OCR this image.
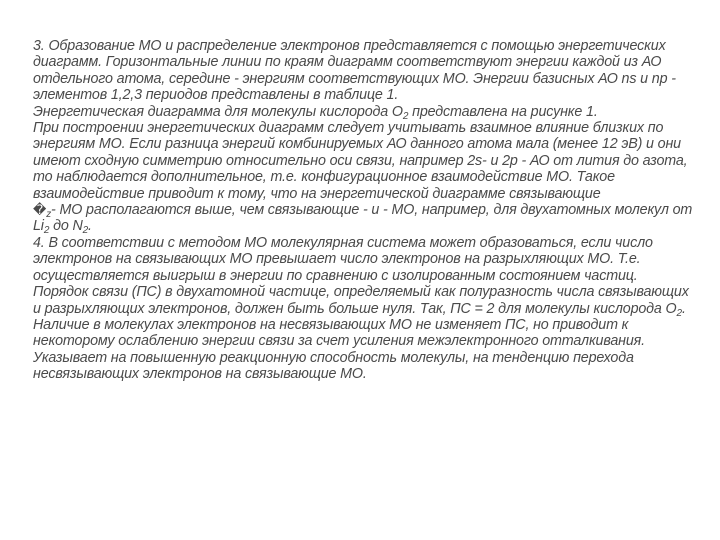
3. Образование МО и распределение электронов представляется с помощью энергетических диаграмм. Горизонтальные линии по краям диаграмм соответствуют энергии каждой из АО отдельного атома, середине - энергиям соответствующих МО. Энергии базисных АО ns и np - элементов 1,2,3 периодов представлены в таблице 1.

Энергетическая диаграмма для молекулы кислорода $О_2$ представлена на рисунке 1.

При построении энергетических диаграмм следует учитывать взаимное влияние близких по энергиям МО. Если разница энергий комбинируемых АО данного атома мала (менее 12 эВ) и они имеют сходную симметрию относительно оси связи, например 2s- и 2p - АО от лития до азота, то наблюдается дополнительное, т.е. конфигурационное взаимодействие МО. Такое взаимодействие приводит к тому, что на энергетической диаграмме связывающие
$�_z-$ МО располагаются выше, чем связывающие - и - МО, например, для двухатомных молекул от $Li_2$ до $N_2$.

4. В соответствии с методом МО молекулярная система может образоваться, если число электронов на связывающих МО превышает число электронов на разрыхляющих МО. Т.е. осуществляется выигрыш в энергии по сравнению с изолированным состоянием частиц. Порядок связи (ПС) в двухатомной частице, определяемый как полуразность числа связывающих и разрыхляющих электронов, должен быть больше нуля. Так, ПС = 2 для молекулы кислорода $О_2$.

Наличие в молекулах электронов на несвязывающих МО не изменяет ПС, но приводит к некоторому ослаблению энергии связи за счет усиления межэлектронного отталкивания. Указывает на повышенную реакционную способность молекулы, на тенденцию перехода несвязывающих электронов на связывающие МО.
